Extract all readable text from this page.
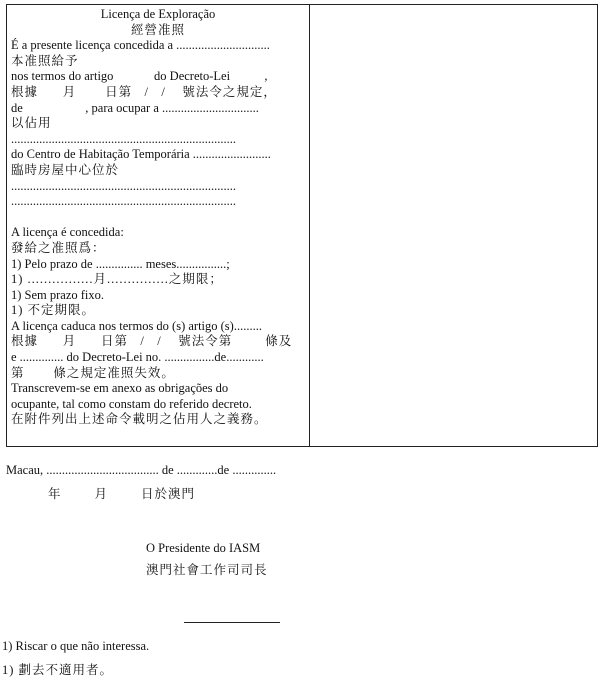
Licença de Exploração
經營准照
É a presente licença concedida a ..............................
本准照給予
nos termos do artigo             do Decreto-Lei           ,
根據      月       日第   /   /    號法令之規定，
de                    , para ocupar a ...............................
以佔用
........................................................................
do Centro de Habitação Temporária .........................
臨時房屋中心位於
........................................................................
........................................................................
A licença é concedida:
發給之准照爲：
1) Pelo prazo de ............... meses................;
1) ................月...............之期限；
1) Sem prazo fixo.
1) 不定期限。
A licença caduca nos termos do (s) artigo (s).........
根據      月      日第   /   /    號法令第        條及
e .............. do Decreto-Lei no. ................de............
第       條之規定准照失效。
Transcrevem-se em anexo as obrigações do
ocupante, tal como constam do referido decreto.
在附件列出上述命令載明之佔用人之義務。
Macau, .................................... de .............de ..............
年        月        日於澳門
O Presidente do IASM
澳門社會工作司司長
1) Riscar o que não interessa.
1) 劃去不適用者。
